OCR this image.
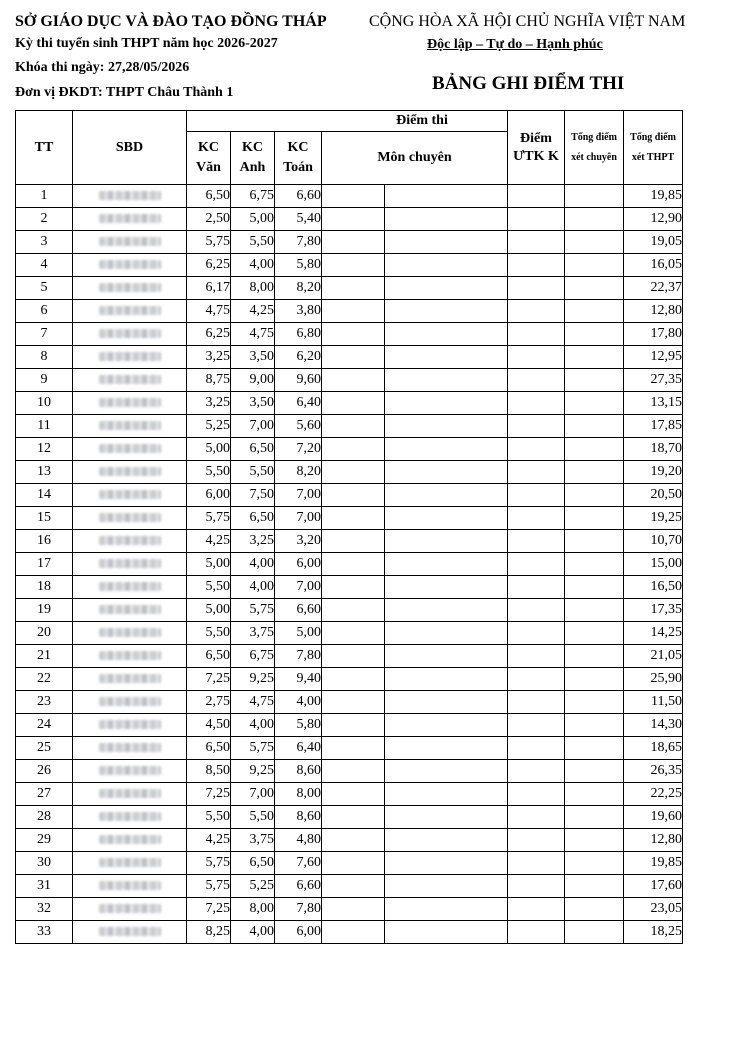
SỞ GIÁO DỤC VÀ ĐÀO TẠO ĐỒNG THÁP	CỘNG HÒA XÃ HỘI CHỦ NGHĨA VIỆT NAM
Kỳ thi tuyển sinh THPT năm học 2026-2027	Độc lập – Tự do – Hạnh phúc
Khóa thi ngày: 27,28/05/2026
BẢNG GHI ĐIỂM THI
Đơn vị ĐKDT: THPT Châu Thành 1
TT	SBD	Điểm thi					Điểm ƯTK K	Tổng điểm xét chuyên	Tổng điểm xét THPT
		KC Văn	KC Anh	KC Toán	Môn chuyên				
1		6,50	6,75	6,60					19,85
2		2,50	5,00	5,40					12,90
3		5,75	5,50	7,80					19,05
4		6,25	4,00	5,80					16,05
5		6,17	8,00	8,20					22,37
6		4,75	4,25	3,80					12,80
7		6,25	4,75	6,80					17,80
8		3,25	3,50	6,20					12,95
9		8,75	9,00	9,60					27,35
10		3,25	3,50	6,40					13,15
11		5,25	7,00	5,60					17,85
12		5,00	6,50	7,20					18,70
13		5,50	5,50	8,20					19,20
14		6,00	7,50	7,00					20,50
15		5,75	6,50	7,00					19,25
16		4,25	3,25	3,20					10,70
17		5,00	4,00	6,00					15,00
18		5,50	4,00	7,00					16,50
19		5,00	5,75	6,60					17,35
20		5,50	3,75	5,00					14,25
21		6,50	6,75	7,80					21,05
22		7,25	9,25	9,40					25,90
23		2,75	4,75	4,00					11,50
24		4,50	4,00	5,80					14,30
25		6,50	5,75	6,40					18,65
26		8,50	9,25	8,60					26,35
27		7,25	7,00	8,00					22,25
28		5,50	5,50	8,60					19,60
29		4,25	3,75	4,80					12,80
30		5,75	6,50	7,60					19,85
31		5,75	5,25	6,60					17,60
32		7,25	8,00	7,80					23,05
33		8,25	4,00	6,00					18,25
